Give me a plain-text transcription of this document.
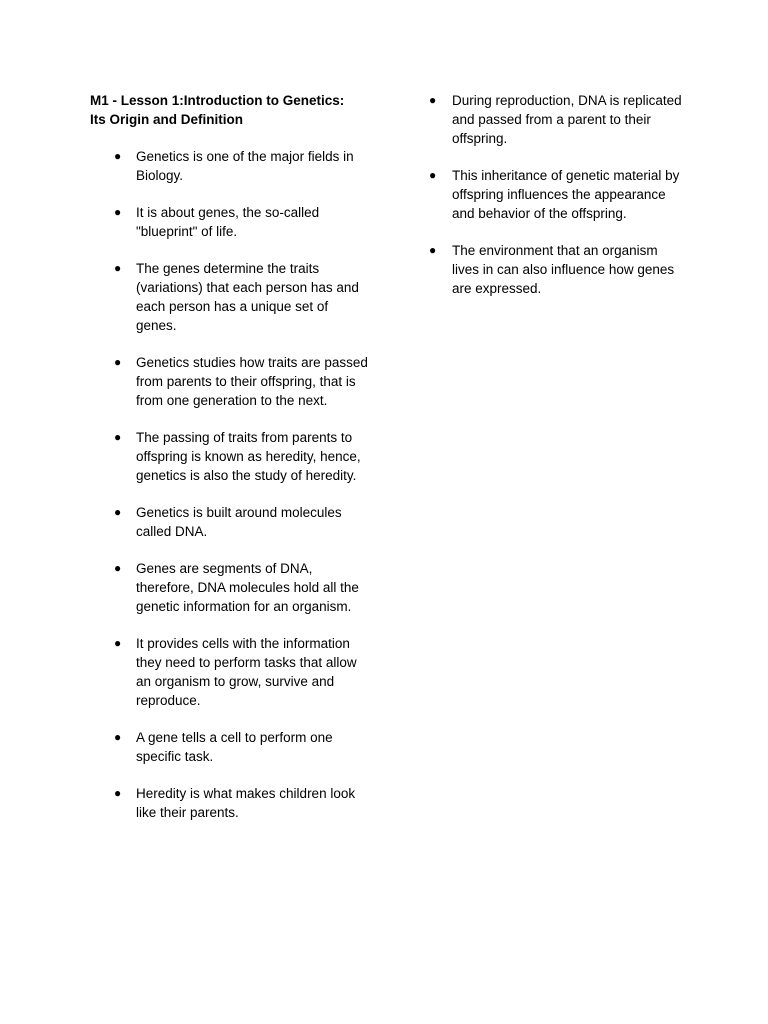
M1 - Lesson 1:Introduction to Genetics:
Its Origin and Definition
● Genetics is one of the major fields in Biology.
● It is about genes, the so-called "blueprint" of life.
● The genes determine the traits (variations) that each person has and each person has a unique set of genes.
● Genetics studies how traits are passed from parents to their offspring, that is from one generation to the next.
● The passing of traits from parents to offspring is known as heredity, hence, genetics is also the study of heredity.
● Genetics is built around molecules called DNA.
● Genes are segments of DNA, therefore, DNA molecules hold all the genetic information for an organism.
● It provides cells with the information they need to perform tasks that allow an organism to grow, survive and reproduce.
● A gene tells a cell to perform one specific task.
● Heredity is what makes children look like their parents.
● During reproduction, DNA is replicated and passed from a parent to their offspring.
● This inheritance of genetic material by offspring influences the appearance and behavior of the offspring.
● The environment that an organism lives in can also influence how genes are expressed.
